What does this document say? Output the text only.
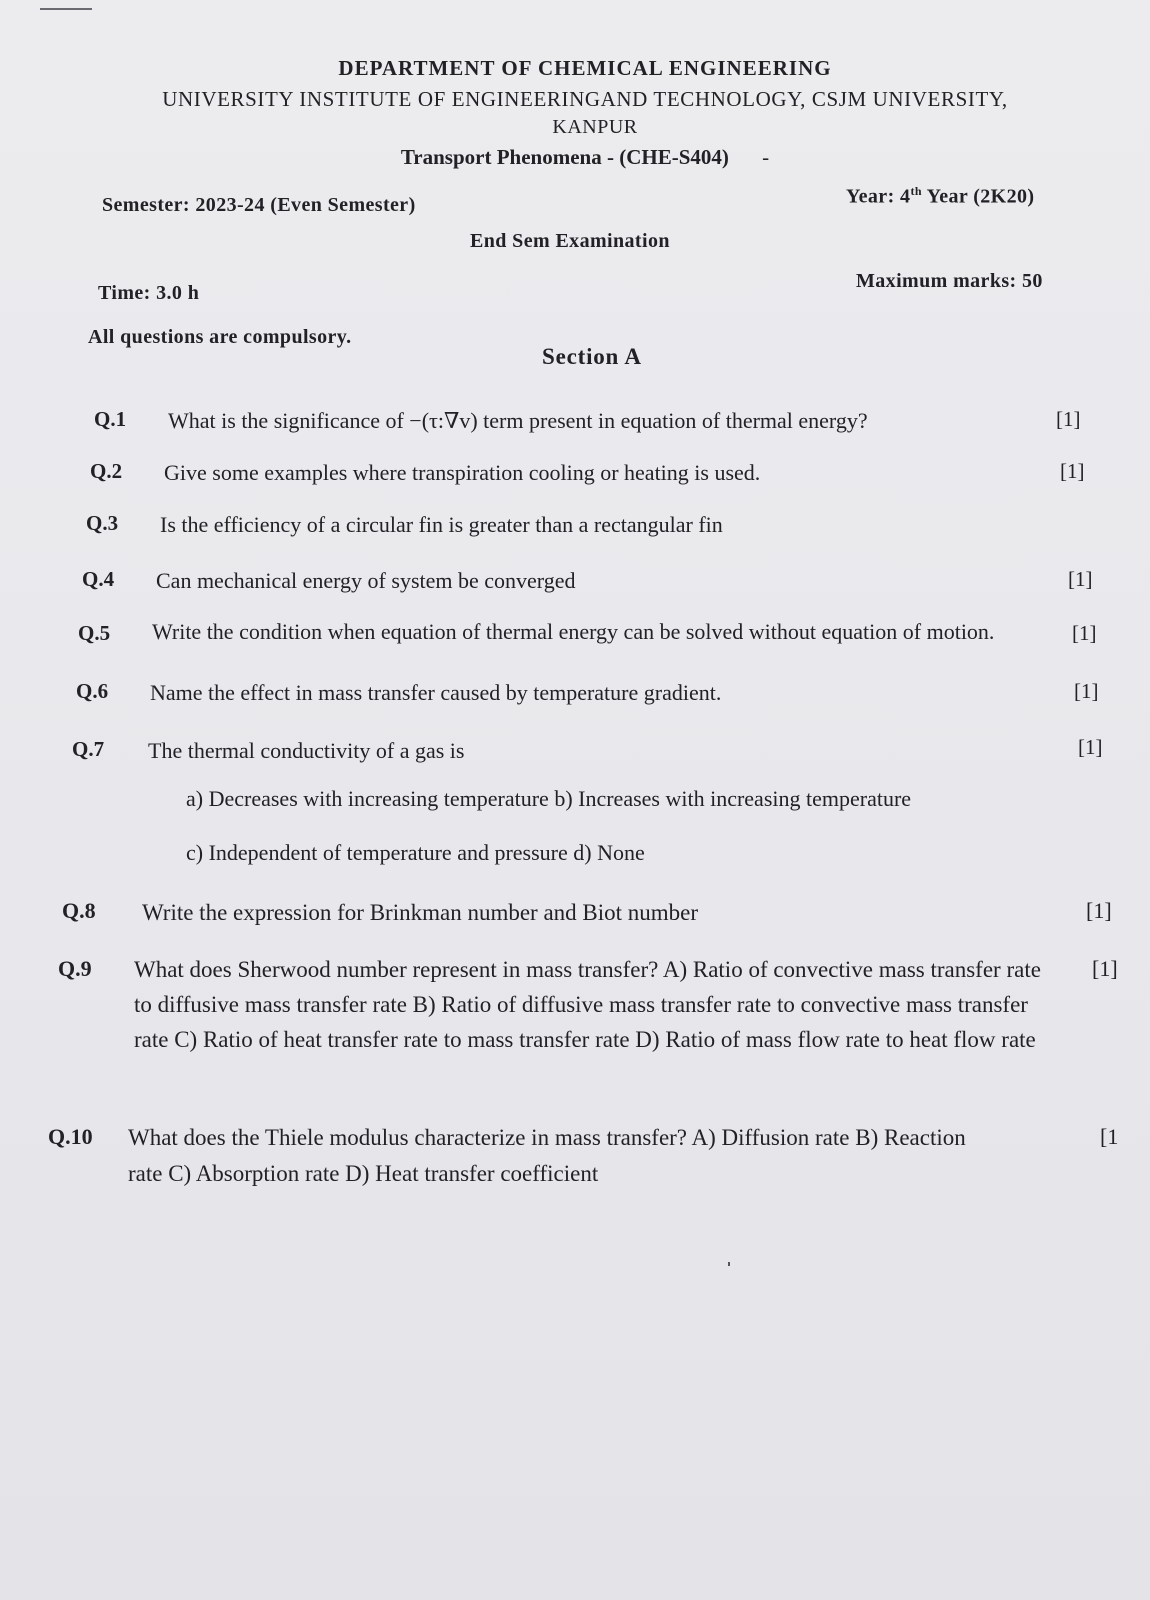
DEPARTMENT OF CHEMICAL ENGINEERING
UNIVERSITY INSTITUTE OF ENGINEERINGAND TECHNOLOGY, CSJM UNIVERSITY,
KANPUR
Transport Phenomena - (CHE-S404) -
Semester: 2023-24 (Even Semester)	Year: 4th Year (2K20)
End Sem Examination
Time: 3.0 h
Maximum marks: 50
All questions are compulsory.
Section A
Q.1 What is the significance of −(τ:∇v) term present in equation of thermal energy?	[1]
Q.2 Give some examples where transpiration cooling or heating is used.	[1]
Q.3 Is the efficiency of a circular fin is greater than a rectangular fin
Q.4 Can mechanical energy of system be converged	[1]
Q.5 Write the condition when equation of thermal energy can be solved without equation of motion.	[1]
Q.6 Name the effect in mass transfer caused by temperature gradient.	[1]
Q.7 The thermal conductivity of a gas is	[1]
a) Decreases with increasing temperature b) Increases with increasing temperature
c) Independent of temperature and pressure d) None
Q.8 Write the expression for Brinkman number and Biot number	[1]
Q.9 What does Sherwood number represent in mass transfer? A) Ratio of convective mass transfer rate to diffusive mass transfer rate B) Ratio of diffusive mass transfer rate to convective mass transfer rate C) Ratio of heat transfer rate to mass transfer rate D) Ratio of mass flow rate to heat flow rate
[1]
Q.10 What does the Thiele modulus characterize in mass transfer? A) Diffusion rate B) Reaction rate C) Absorption rate D) Heat transfer coefficient
[1
